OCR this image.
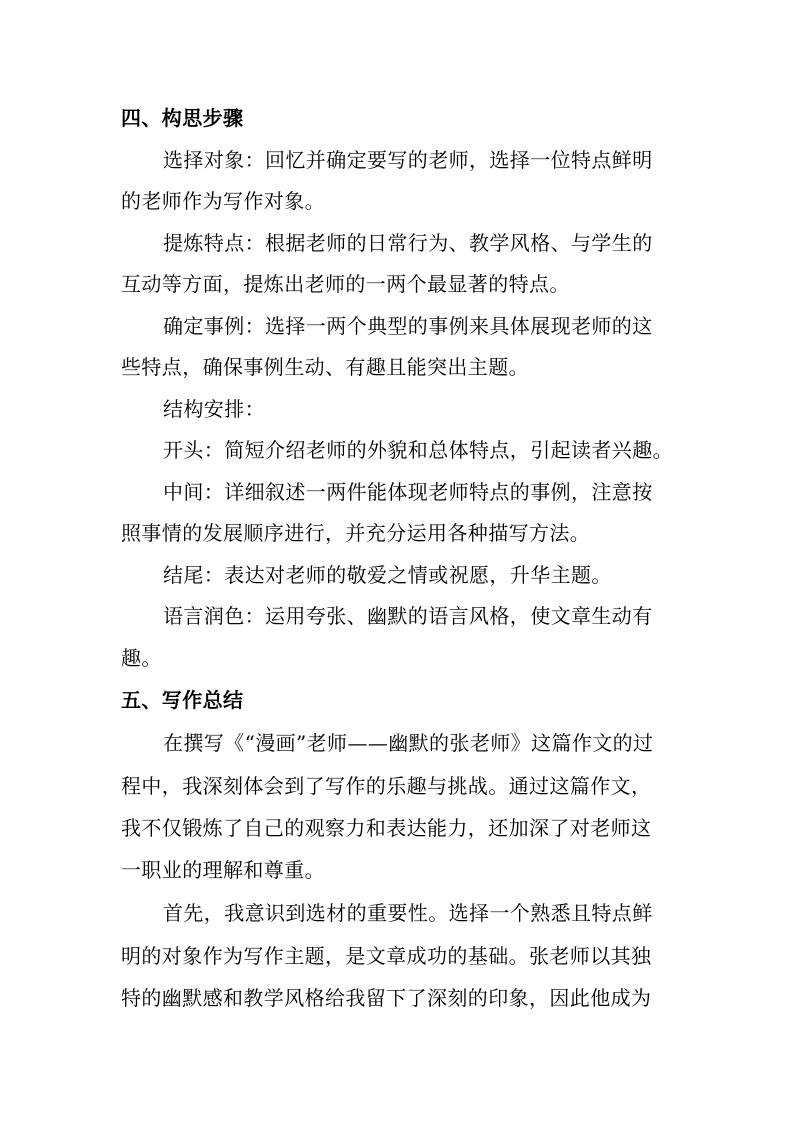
四、构思步骤
选择对象：回忆并确定要写的老师，选择一位特点鲜明
的老师作为写作对象。
提炼特点：根据老师的日常行为、教学风格、与学生的
互动等方面，提炼出老师的一两个最显著的特点。
确定事例：选择一两个典型的事例来具体展现老师的这
些特点，确保事例生动、有趣且能突出主题。
结构安排：
开头：简短介绍老师的外貌和总体特点，引起读者兴趣。
中间：详细叙述一两件能体现老师特点的事例，注意按
照事情的发展顺序进行，并充分运用各种描写方法。
结尾：表达对老师的敬爱之情或祝愿，升华主题。
语言润色：运用夸张、幽默的语言风格，使文章生动有
趣。
五、写作总结
在撰写《“漫画”老师——幽默的张老师》这篇作文的过
程中，我深刻体会到了写作的乐趣与挑战。通过这篇作文，
我不仅锻炼了自己的观察力和表达能力，还加深了对老师这
一职业的理解和尊重。
首先，我意识到选材的重要性。选择一个熟悉且特点鲜
明的对象作为写作主题，是文章成功的基础。张老师以其独
特的幽默感和教学风格给我留下了深刻的印象，因此他成为
